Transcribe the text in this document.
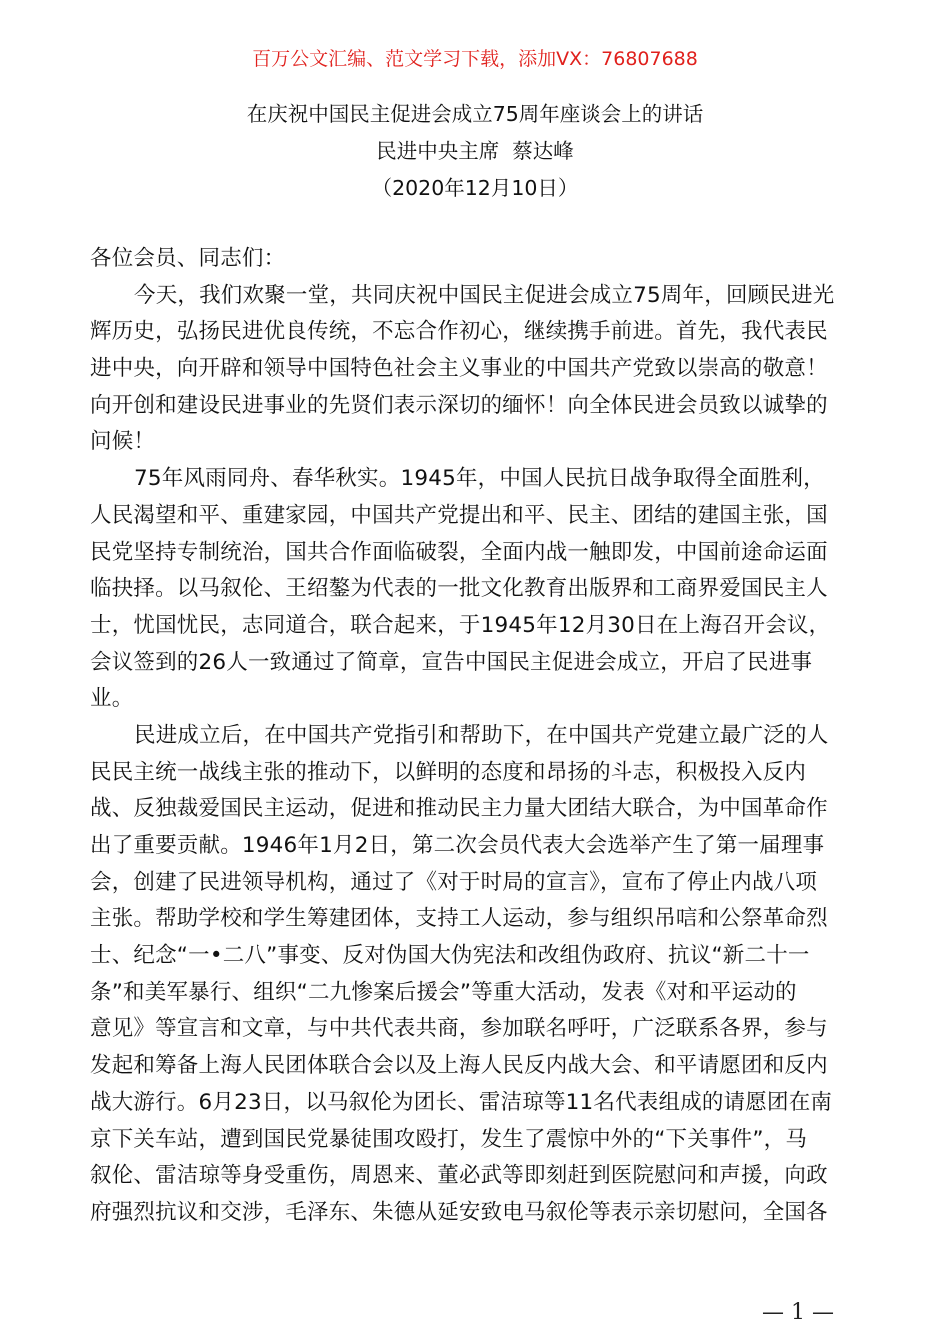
百万公文汇编、范文学习下载，添加VX：76807688
在庆祝中国民主促进会成立75周年座谈会上的讲话
民进中央主席  蔡达峰
（2020年12月10日）
各位会员、同志们：
今天，我们欢聚一堂，共同庆祝中国民主促进会成立75周年，回顾民进光
辉历史，弘扬民进优良传统，不忘合作初心，继续携手前进。首先，我代表民
进中央，向开辟和领导中国特色社会主义事业的中国共产党致以崇高的敬意！
向开创和建设民进事业的先贤们表示深切的缅怀！向全体民进会员致以诚挚的
问候！
75年风雨同舟、春华秋实。1945年，中国人民抗日战争取得全面胜利，
人民渴望和平、重建家园，中国共产党提出和平、民主、团结的建国主张，国
民党坚持专制统治，国共合作面临破裂，全面内战一触即发，中国前途命运面
临抉择。以马叙伦、王绍鏊为代表的一批文化教育出版界和工商界爱国民主人
士，忧国忧民，志同道合，联合起来，于1945年12月30日在上海召开会议，
会议签到的26人一致通过了简章，宣告中国民主促进会成立，开启了民进事
业。
民进成立后，在中国共产党指引和帮助下，在中国共产党建立最广泛的人
民民主统一战线主张的推动下，以鲜明的态度和昂扬的斗志，积极投入反内
战、反独裁爱国民主运动，促进和推动民主力量大团结大联合，为中国革命作
出了重要贡献。1946年1月2日，第二次会员代表大会选举产生了第一届理事
会，创建了民进领导机构，通过了《对于时局的宣言》，宣布了停止内战八项
主张。帮助学校和学生筹建团体，支持工人运动，参与组织吊唁和公祭革命烈
士、纪念“一•二八”事变、反对伪国大伪宪法和改组伪政府、抗议“新二十一
条”和美军暴行、组织“二九惨案后援会”等重大活动，发表《对和平运动的
意见》等宣言和文章，与中共代表共商，参加联名呼吁，广泛联系各界，参与
发起和筹备上海人民团体联合会以及上海人民反内战大会、和平请愿团和反内
战大游行。6月23日，以马叙伦为团长、雷洁琼等11名代表组成的请愿团在南
京下关车站，遭到国民党暴徒围攻殴打，发生了震惊中外的“下关事件”，马
叙伦、雷洁琼等身受重伤，周恩来、董必武等即刻赶到医院慰问和声援，向政
府强烈抗议和交涉，毛泽东、朱德从延安致电马叙伦等表示亲切慰问，全国各
— 1 —
